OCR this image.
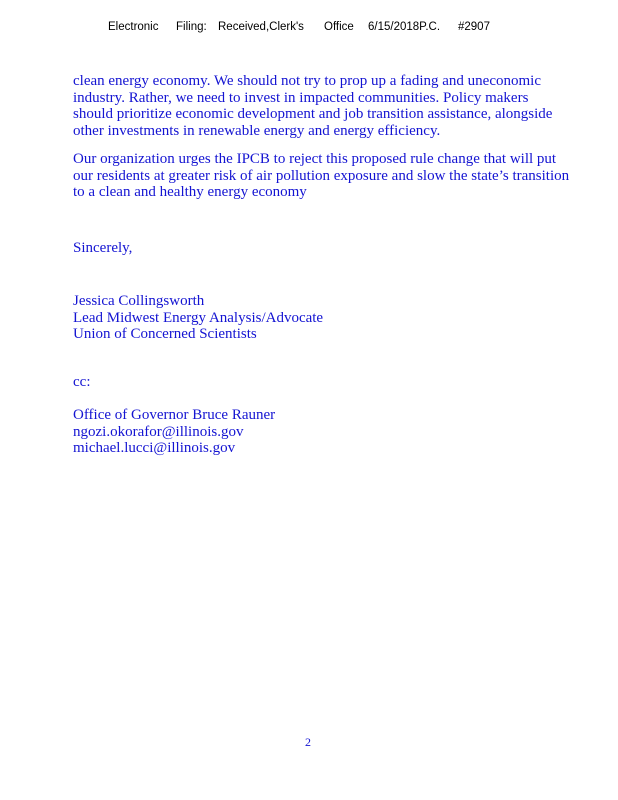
Electronic

Filing:

Received,Clerk's

Office

6/15/2018P.C.

#2907

clean energy economy. We should not try to prop up a fading and uneconomic
industry. Rather, we need to invest in impacted communities. Policy makers
should prioritize economic development and job transition assistance, alongside
other investments in renewable energy and energy efficiency.
Our organization urges the IPCB to reject this proposed rule change that will put
our residents at greater risk of air pollution exposure and slow the state’s transition
to a clean and healthy energy economy
Sincerely,
Jessica Collingsworth
Lead Midwest Energy Analysis/Advocate
Union of Concerned Scientists
cc:
Office of Governor Bruce Rauner
ngozi.okorafor@illinois.gov
michael.lucci@illinois.gov
2
